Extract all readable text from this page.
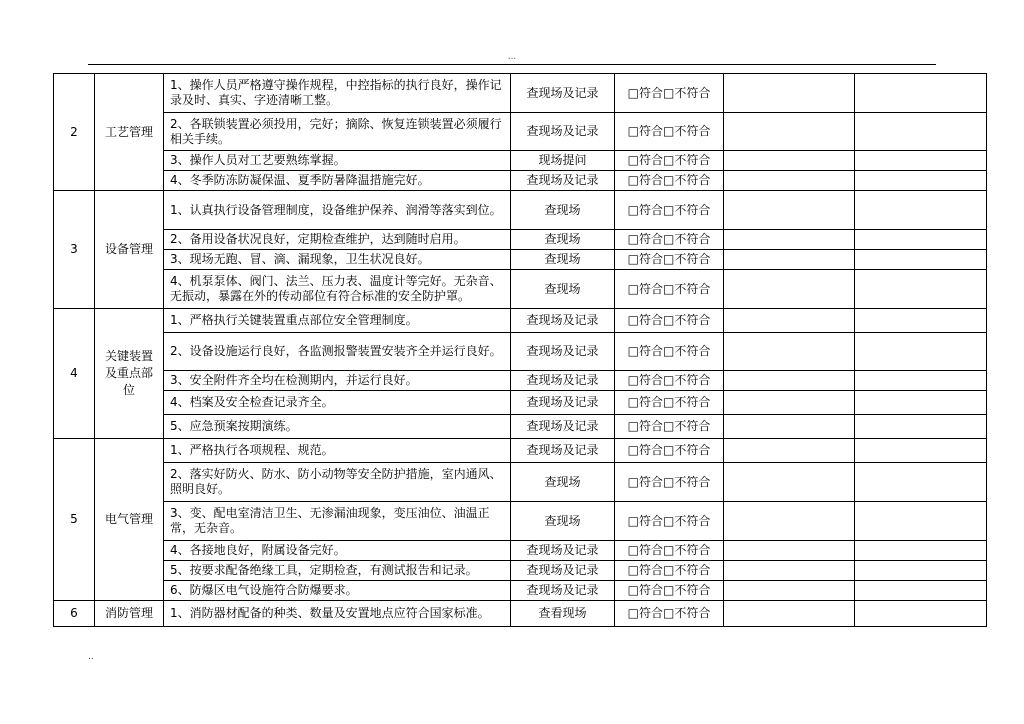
...
2	工艺管理	1、操作人员严格遵守操作规程，中控指标的执行良好，操作记录及时、真实、字迹清晰工整。	查现场及记录	□符合□不符合		
		2、各联锁装置必须投用，完好；摘除、恢复连锁装置必须履行相关手续。	查现场及记录	□符合□不符合		
		3、操作人员对工艺要熟练掌握。	现场提问	□符合□不符合		
		4、冬季防冻防凝保温、夏季防暑降温措施完好。	查现场及记录	□符合□不符合		
3	设备管理	1、认真执行设备管理制度，设备维护保养、润滑等落实到位。	查现场	□符合□不符合		
		2、备用设备状况良好，定期检查维护，达到随时启用。	查现场	□符合□不符合		
		3、现场无跑、冒、滴、漏现象，卫生状况良好。	查现场	□符合□不符合		
		4、机泵泵体、阀门、法兰、压力表、温度计等完好。无杂音、无振动，暴露在外的传动部位有符合标准的安全防护罩。	查现场	□符合□不符合		
4	关键装置及重点部位	1、严格执行关键装置重点部位安全管理制度。	查现场及记录	□符合□不符合		
		2、设备设施运行良好，各监测报警装置安装齐全并运行良好。	查现场及记录	□符合□不符合		
		3、安全附件齐全均在检测期内，并运行良好。	查现场及记录	□符合□不符合		
		4、档案及安全检查记录齐全。	查现场及记录	□符合□不符合		
		5、应急预案按期演练。	查现场及记录	□符合□不符合		
5	电气管理	1、严格执行各项规程、规范。	查现场及记录	□符合□不符合		
		2、落实好防火、防水、防小动物等安全防护措施，室内通风、照明良好。	查现场	□符合□不符合		
		3、变、配电室清洁卫生、无渗漏油现象，变压油位、油温正常，无杂音。	查现场	□符合□不符合		
		4、各接地良好，附属设备完好。	查现场及记录	□符合□不符合		
		5、按要求配备绝缘工具，定期检查，有测试报告和记录。	查现场及记录	□符合□不符合		
		6、防爆区电气设施符合防爆要求。	查现场及记录	□符合□不符合		
6	消防管理	1、消防器材配备的种类、数量及安置地点应符合国家标准。	查看现场	□符合□不符合		
..
